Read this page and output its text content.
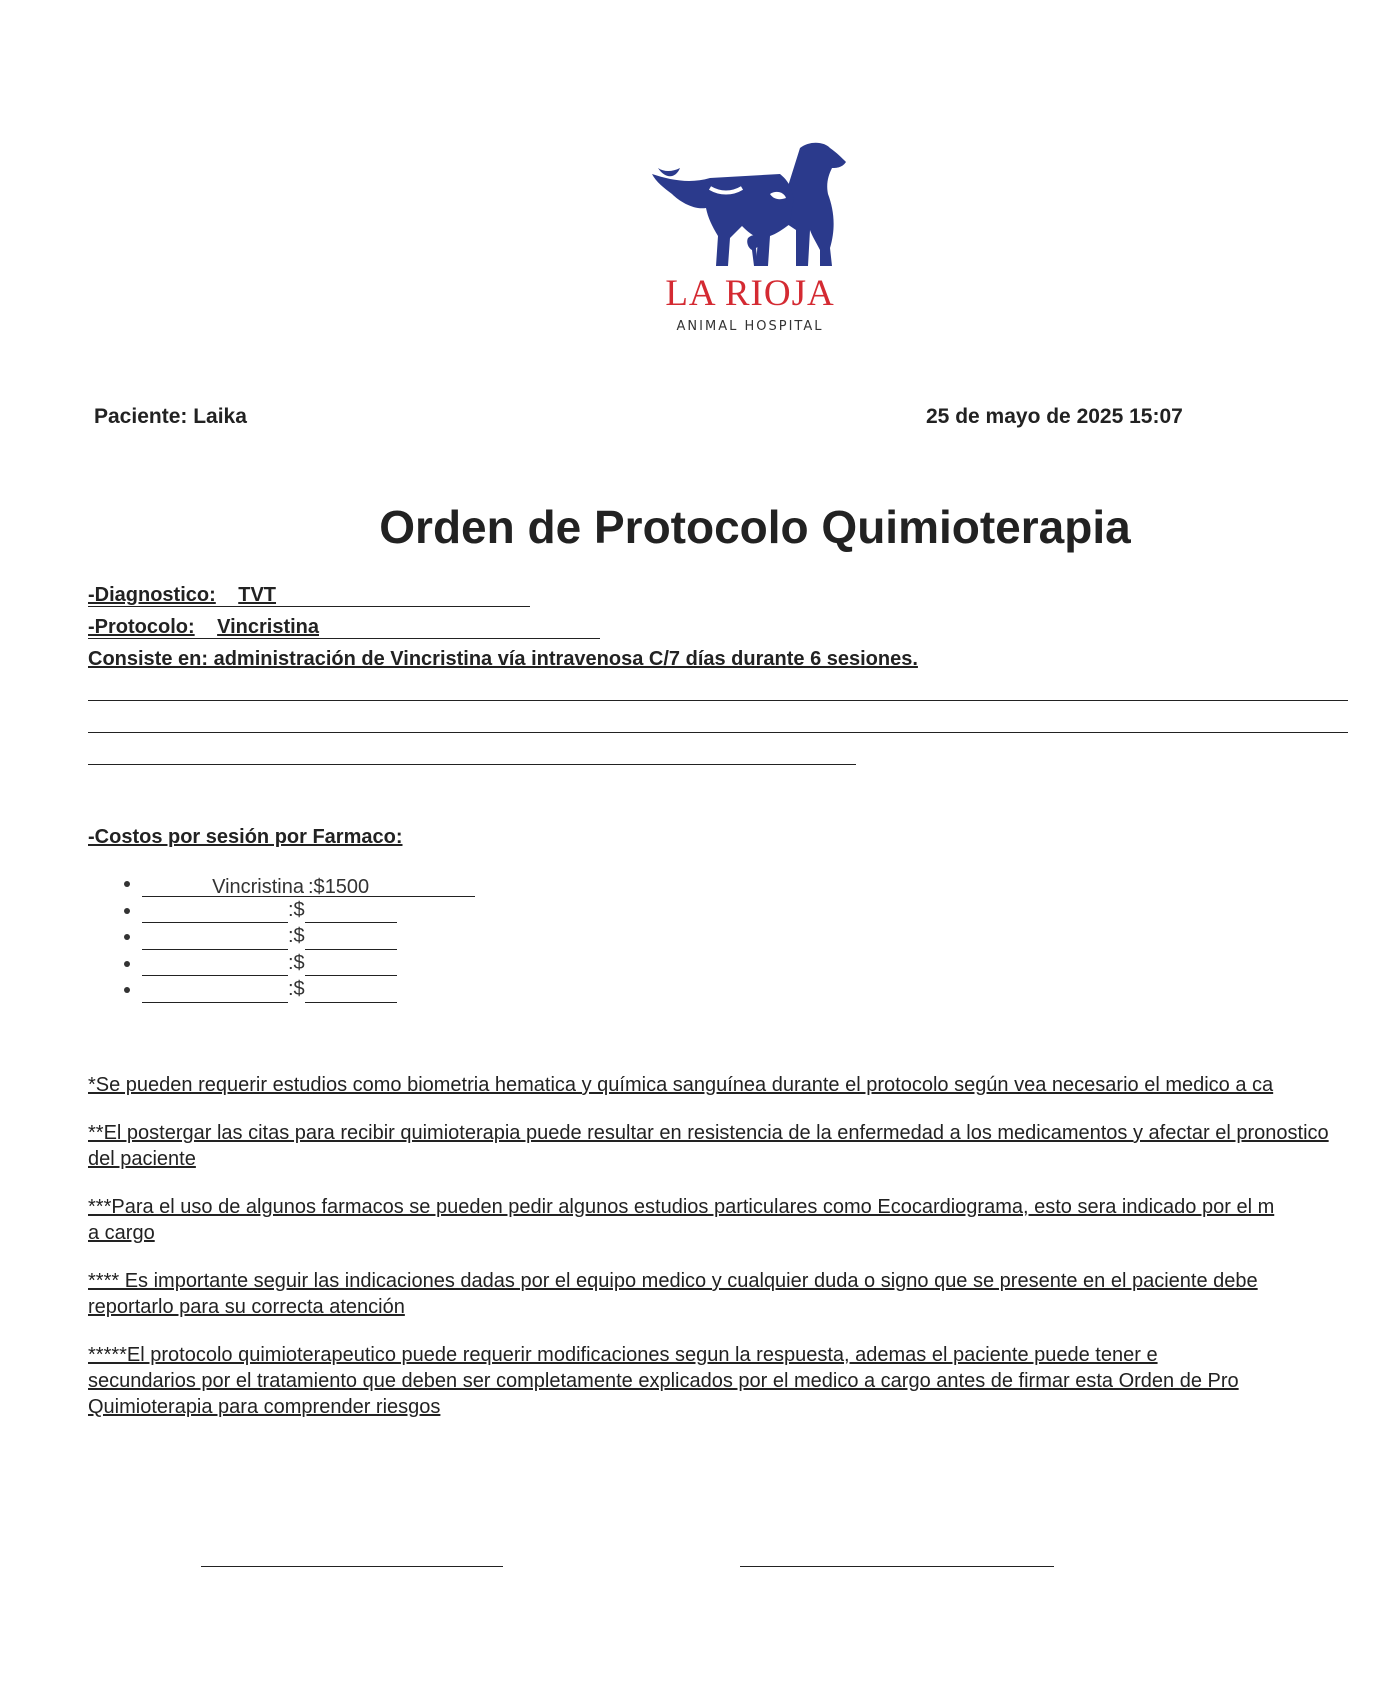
LA RIOJA
ANIMAL HOSPITAL
Paciente: Laika	25 de mayo de 2025 15:07
Orden de Protocolo Quimioterapia
-Diagnostico: TVT
-Protocolo: Vincristina
Consiste en: administración de Vincristina vía intravenosa C/7 días durante 6 sesiones.
-Costos por sesión por Farmaco:
• Vincristina :$1500
• :$
• :$
• :$
• :$
*Se pueden requerir estudios como biometria hematica y química sanguínea durante el protocolo según vea necesario el medico a ca
**El postergar las citas para recibir quimioterapia puede resultar en resistencia de la enfermedad a los medicamentos y afectar el pronostico del paciente
***Para el uso de algunos farmacos se pueden pedir algunos estudios particulares como Ecocardiograma, esto sera indicado por el m
a cargo
**** Es importante seguir las indicaciones dadas por el equipo medico y cualquier duda o signo que se presente en el paciente debe reportarlo para su correcta atención
*****El protocolo quimioterapeutico puede requerir modificaciones segun la respuesta, ademas el paciente puede tener e
secundarios por el tratamiento que deben ser completamente explicados por el medico a cargo antes de firmar esta Orden de Pro
Quimioterapia para comprender riesgos
